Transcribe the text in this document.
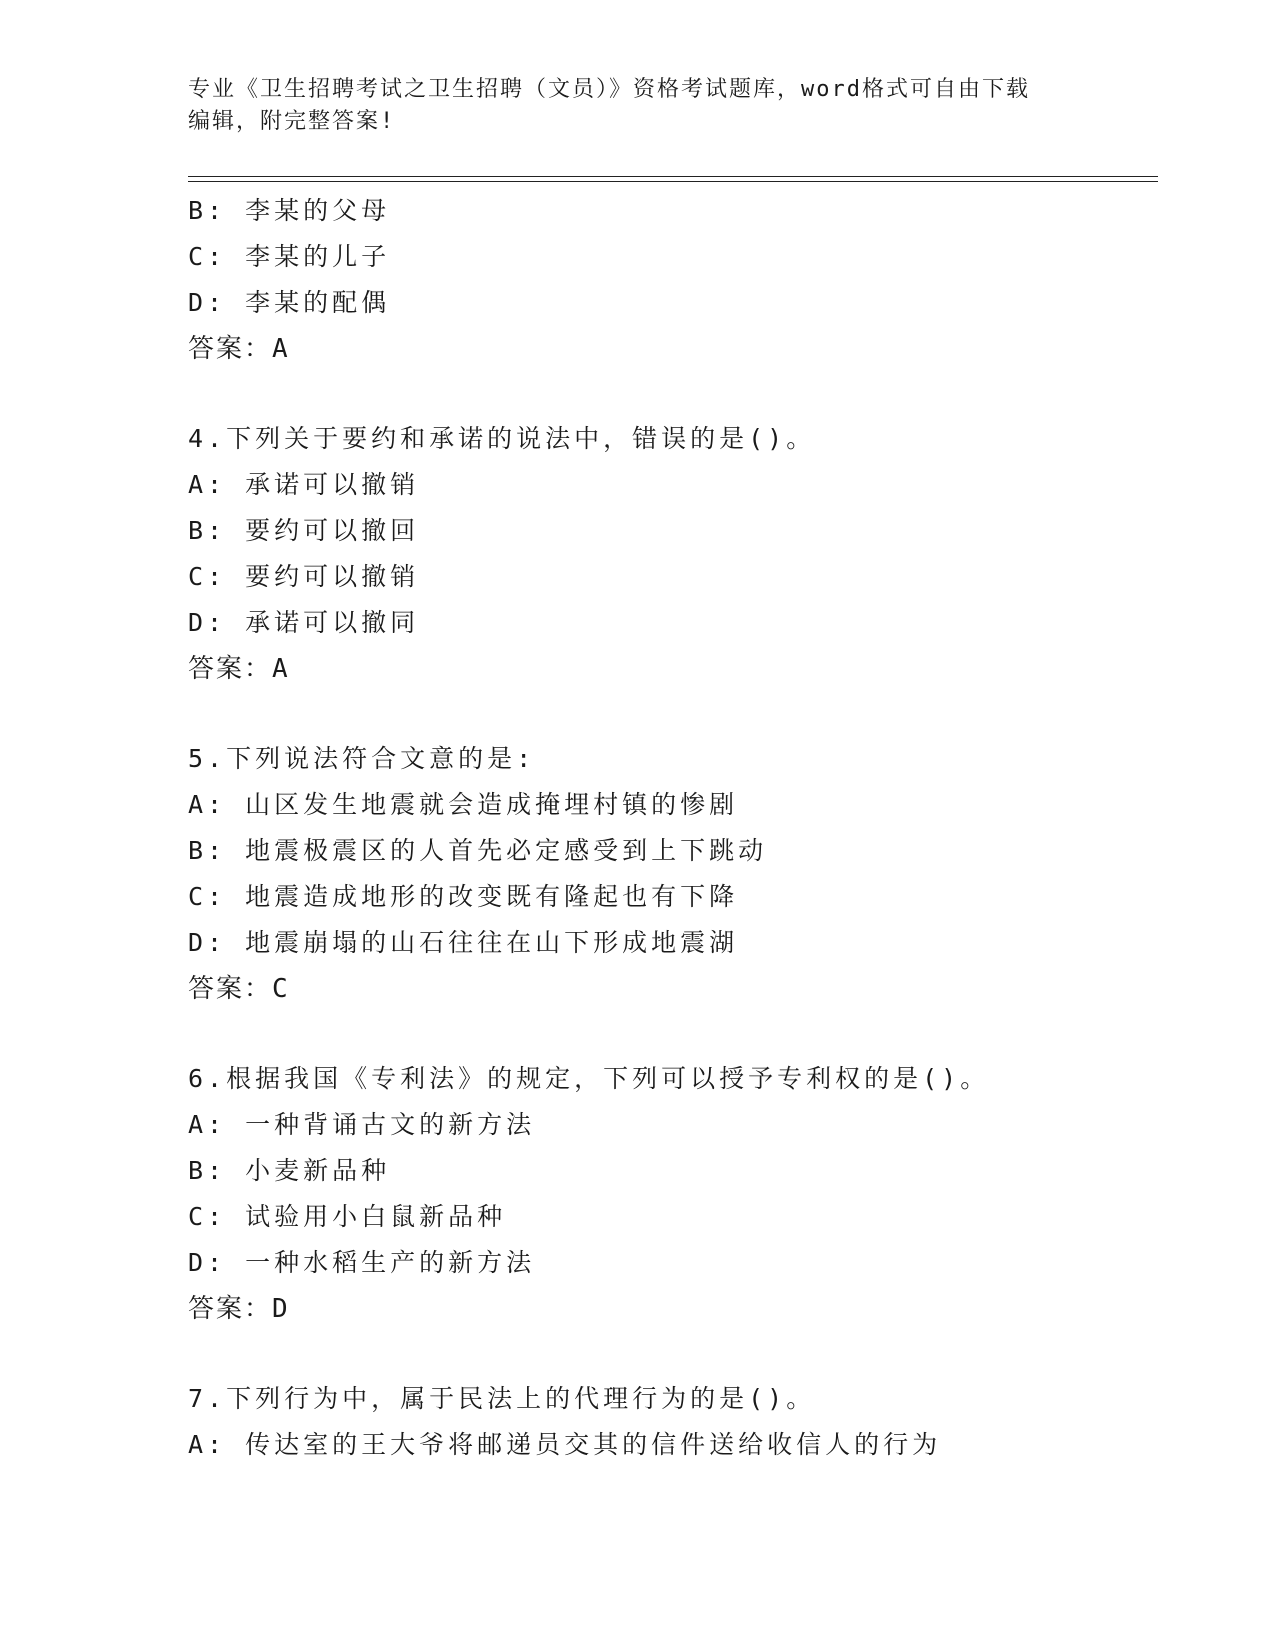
专业《卫生招聘考试之卫生招聘（文员）》资格考试题库，word格式可自由下载
编辑，附完整答案!
B: 李某的父母
C: 李某的儿子
D: 李某的配偶
答案：A
4.下列关于要约和承诺的说法中，错误的是()。
A: 承诺可以撤销
B: 要约可以撤回
C: 要约可以撤销
D: 承诺可以撤同
答案：A
5.下列说法符合文意的是:
A: 山区发生地震就会造成掩埋村镇的惨剧
B: 地震极震区的人首先必定感受到上下跳动
C: 地震造成地形的改变既有隆起也有下降
D: 地震崩塌的山石往往在山下形成地震湖
答案：C
6.根据我国《专利法》的规定，下列可以授予专利权的是()。
A: 一种背诵古文的新方法
B: 小麦新品种
C: 试验用小白鼠新品种
D: 一种水稻生产的新方法
答案：D
7.下列行为中，属于民法上的代理行为的是()。
A: 传达室的王大爷将邮递员交其的信件送给收信人的行为
